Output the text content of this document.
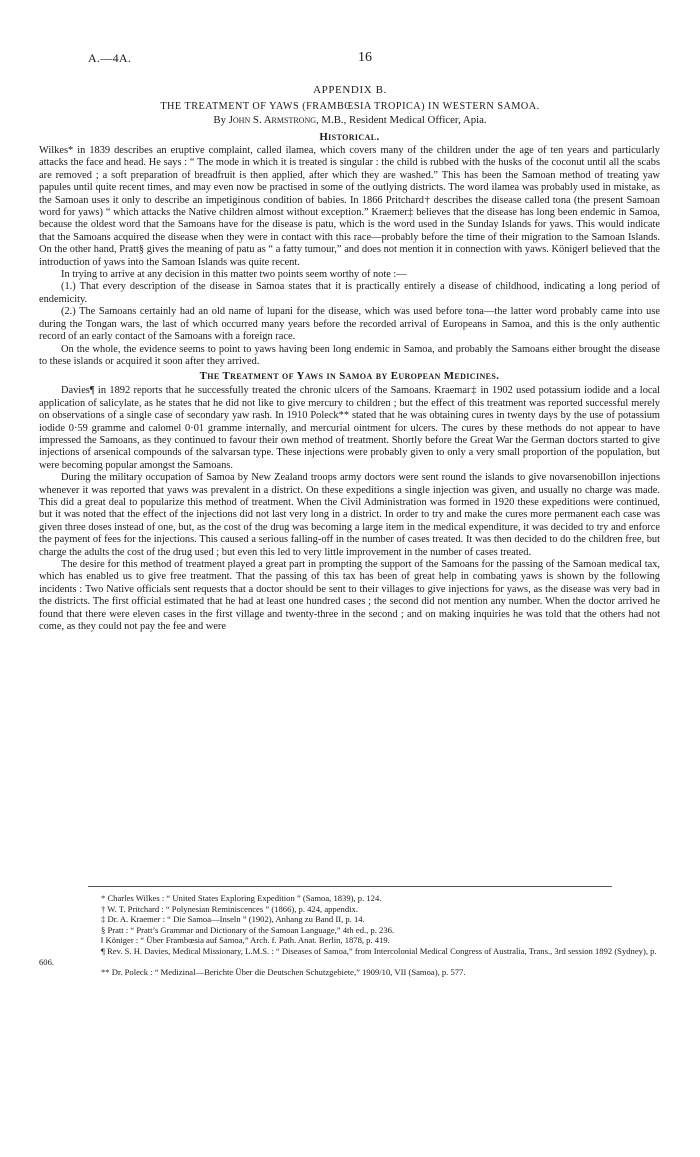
A.—4A.	16
APPENDIX B.
THE TREATMENT OF YAWS (FRAMBŒSIA TROPICA) IN WESTERN SAMOA.
By John S. Armstrong, M.B., Resident Medical Officer, Apia.
Historical.

Wilkes* in 1839 describes an eruptive complaint, called ilamea, which covers many of the children under the age of ten years and particularly attacks the face and head. He says : “ The mode in which it is treated is singular : the child is rubbed with the husks of the coconut until all the scabs are removed ; a soft preparation of breadfruit is then applied, after which they are washed.” This has been the Samoan method of treating yaw papules until quite recent times, and may even now be practised in some of the outlying districts. The word ilamea was probably used in mistake, as the Samoan uses it only to describe an impetiginous condition of babies. In 1866 Pritchard† describes the disease called tona (the present Samoan word for yaws) “ which attacks the Native children almost without exception.” Kraemer‡ believes that the disease has long been endemic in Samoa, because the oldest word that the Samoans have for the disease is patu, which is the word used in the Sunday Islands for yaws. This would indicate that the Samoans acquired the disease when they were in contact with this race—probably before the time of their migration to the Samoan Islands. On the other hand, Pratt§ gives the meaning of patu as “ a fatty tumour,” and does not mention it in connection with yaws. Königer‖ believed that the introduction of yaws into the Samoan Islands was quite recent.

In trying to arrive at any decision in this matter two points seem worthy of note :—

(1.) That every description of the disease in Samoa states that it is practically entirely a disease of childhood, indicating a long period of endemicity.

(2.) The Samoans certainly had an old name of lupani for the disease, which was used before tona—the latter word probably came into use during the Tongan wars, the last of which occurred many years before the recorded arrival of Europeans in Samoa, and this is the only authentic record of an early contact of the Samoans with a foreign race.

On the whole, the evidence seems to point to yaws having been long endemic in Samoa, and probably the Samoans either brought the disease to these islands or acquired it soon after they arrived.

The Treatment of Yaws in Samoa by European Medicines.

Davies¶ in 1892 reports that he successfully treated the chronic ulcers of the Samoans. Kraemar‡ in 1902 used potassium iodide and a local application of salicylate, as he states that he did not like to give mercury to children ; but the effect of this treatment was reported successful merely on observations of a single case of secondary yaw rash. In 1910 Poleck** stated that he was obtaining cures in twenty days by the use of potassium iodide 0·59 gramme and calomel 0·01 gramme internally, and mercurial ointment for ulcers. The cures by these methods do not appear to have impressed the Samoans, as they continued to favour their own method of treatment. Shortly before the Great War the German doctors started to give injections of arsenical compounds of the salvarsan type. These injections were probably given to only a very small proportion of the population, but were becoming popular amongst the Samoans.

During the military occupation of Samoa by New Zealand troops army doctors were sent round the islands to give novarsenobillon injections whenever it was reported that yaws was prevalent in a district. On these expeditions a single injection was given, and usually no charge was made. This did a great deal to popularize this method of treatment. When the Civil Administration was formed in 1920 these expeditions were continued, but it was noted that the effect of the injections did not last very long in a district. In order to try and make the cures more permanent each case was given three doses instead of one, but, as the cost of the drug was becoming a large item in the medical expenditure, it was decided to try and enforce the payment of fees for the injections. This caused a serious falling-off in the number of cases treated. It was then decided to do the children free, but charge the adults the cost of the drug used ; but even this led to very little improvement in the number of cases treated.

The desire for this method of treatment played a great part in prompting the support of the Samoans for the passing of the Samoan medical tax, which has enabled us to give free treatment. That the passing of this tax has been of great help in combating yaws is shown by the following incidents : Two Native officials sent requests that a doctor should be sent to their villages to give injections for yaws, as the disease was very bad in the districts. The first official estimated that he had at least one hundred cases ; the second did not mention any number. When the doctor arrived he found that there were eleven cases in the first village and twenty-three in the second ; and on making inquiries he was told that the others had not come, as they could not pay the fee and were

* Charles Wilkes : “ United States Exploring Expedition ” (Samoa, 1839), p. 124.
† W. T. Pritchard : “ Polynesian Reminiscences ” (1866), p. 424, appendix.
‡ Dr. A. Kraemer : “ Die Samoa—Inseln ” (1902), Anhang zu Band II, p. 14.
§ Pratt : “ Pratt’s Grammar and Dictionary of the Samoan Language,” 4th ed., p. 236.
‖ Königer : “ Über Frambœsia auf Samoa,” Arch. f. Path. Anat. Berlin, 1878, p. 419.
¶ Rev. S. H. Davies, Medical Missionary, L.M.S. : “ Diseases of Samoa,” from Intercolonial Medical Congress of Australia, Trans., 3rd session 1892 (Sydney), p. 606.
** Dr. Poleck : “ Medizinal—Berichte Über die Deutschen Schutzgebiete,” 1909/10, VII (Samoa), p. 577.
